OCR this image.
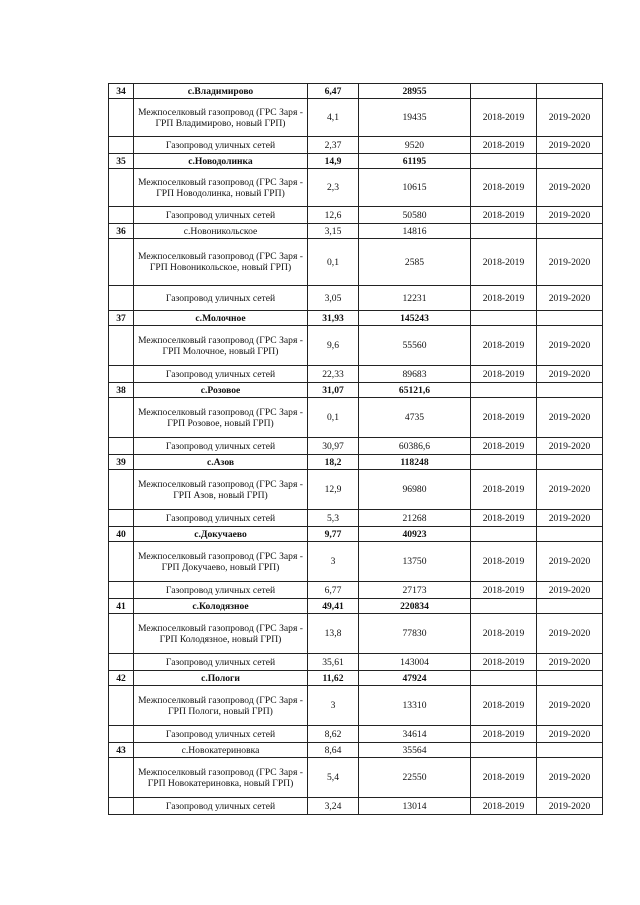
34	с.Владимирово	6,47	28955		
	Межпоселковый газопровод (ГРС Заря - ГРП Владимирово, новый ГРП)	4,1	19435	2018-2019	2019-2020
	Газопровод уличных сетей	2,37	9520	2018-2019	2019-2020
35	с.Новодолинка	14,9	61195		
	Межпоселковый газопровод (ГРС Заря - ГРП Новодолинка, новый ГРП)	2,3	10615	2018-2019	2019-2020
	Газопровод уличных сетей	12,6	50580	2018-2019	2019-2020
36	с.Новоникольское	3,15	14816		
	Межпоселковый газопровод (ГРС Заря - ГРП Новоникольское, новый ГРП)	0,1	2585	2018-2019	2019-2020
	Газопровод уличных сетей	3,05	12231	2018-2019	2019-2020
37	с.Молочное	31,93	145243		
	Межпоселковый газопровод (ГРС Заря - ГРП Молочное, новый ГРП)	9,6	55560	2018-2019	2019-2020
	Газопровод уличных сетей	22,33	89683	2018-2019	2019-2020
38	с.Розовое	31,07	65121,6		
	Межпоселковый газопровод (ГРС Заря - ГРП Розовое, новый ГРП)	0,1	4735	2018-2019	2019-2020
	Газопровод уличных сетей	30,97	60386,6	2018-2019	2019-2020
39	с.Азов	18,2	118248		
	Межпоселковый газопровод (ГРС Заря - ГРП Азов, новый ГРП)	12,9	96980	2018-2019	2019-2020
	Газопровод уличных сетей	5,3	21268	2018-2019	2019-2020
40	с.Докучаево	9,77	40923		
	Межпоселковый газопровод (ГРС Заря - ГРП Докучаево, новый ГРП)	3	13750	2018-2019	2019-2020
	Газопровод уличных сетей	6,77	27173	2018-2019	2019-2020
41	с.Колодязное	49,41	220834		
	Межпоселковый газопровод (ГРС Заря - ГРП Колодязное, новый ГРП)	13,8	77830	2018-2019	2019-2020
	Газопровод уличных сетей	35,61	143004	2018-2019	2019-2020
42	с.Пологи	11,62	47924		
	Межпоселковый газопровод (ГРС Заря - ГРП Пологи, новый ГРП)	3	13310	2018-2019	2019-2020
	Газопровод уличных сетей	8,62	34614	2018-2019	2019-2020
43	с.Новокатериновка	8,64	35564		
	Межпоселковый газопровод (ГРС Заря - ГРП Новокатериновка, новый ГРП)	5,4	22550	2018-2019	2019-2020
	Газопровод уличных сетей	3,24	13014	2018-2019	2019-2020
